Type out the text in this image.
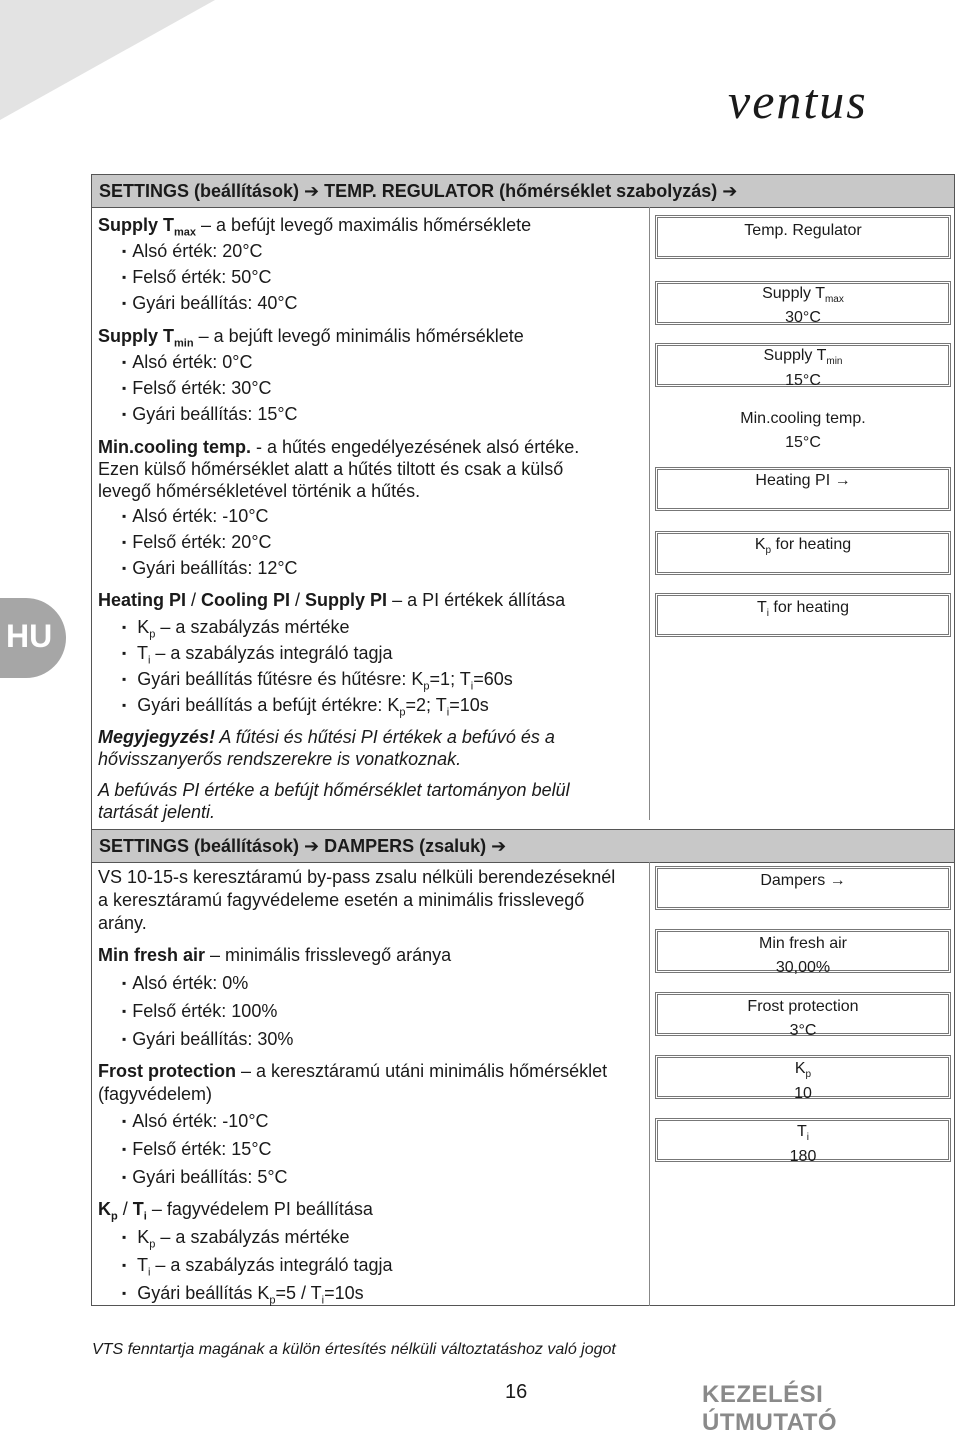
ventus
HU
SETTINGS (beállítások) ➔ TEMP. REGULATOR (hőmérséklet szabolyzás) ➔
SETTINGS (beállítások) ➔ DAMPERS (zsaluk) ➔
Supply $T_{max}$ – a befújt levegő maximális hőmérséklete
▪ Alsó érték: 20°C
▪ Felső érték: 50°C
▪ Gyári beállítás: 40°C
Supply $T_{min}$ – a bejúft levegő minimális hőmérséklete
▪ Alsó érték: 0°C
▪ Felső érték: 30°C
▪ Gyári beállítás: 15°C
Min.cooling temp. - a hűtés engedélyezésének alsó értéke.
Ezen külső hőmérséklet alatt a hűtés tiltott és csak a külső
levegő hőmérsékletével történik a hűtés.
▪ Alsó érték: -10°C
▪ Felső érték: 20°C
▪ Gyári beállítás: 12°C
Heating PI / Cooling PI / Supply PI – a PI értékek állítása
▪ $K_p$ – a szabályzás mértéke
▪ $T_i$ – a szabályzás integráló tagja
▪ Gyári beállítás fűtésre és hűtésre: $K_p=1$; $T_i=60s$
▪ Gyári beállítás a befújt értékre: $K_p=2$; $T_i=10s$
Megyjegyzés! A fűtési és hűtési PI értékek a befúvó és a
hővisszanyerős rendszerekre is vonatkoznak.
A befúvás PI értéke a befújt hőmérséklet tartományon belül
tartását jelenti.
Temp. Regulator
Supply $T_{max}$
30°C
Supply $T_{min}$
15°C
Min.cooling temp.
15°C
Heating PI →
$K_p$ for heating
$T_i$ for heating
VS 10-15-s keresztáramú by-pass zsalu nélküli berendezéseknél
a keresztáramú fagyvédeleme esetén a minimális frisslevegő
arány.
Min fresh air – minimális frisslevegő aránya
▪ Alsó érték: 0%
▪ Felső érték: 100%
▪ Gyári beállítás: 30%
Frost protection – a keresztáramú utáni minimális hőmérséklet
(fagyvédelem)
▪ Alsó érték: -10°C
▪ Felső érték: 15°C
▪ Gyári beállítás: 5°C
$K_p / T_i$ – fagyvédelem PI beállítása
▪ $K_p$ – a szabályzás mértéke
▪ $T_i$ – a szabályzás integráló tagja
▪ Gyári beállítás $K_p=5 / T_i=10s$
Dampers →
Min fresh air
30,00%
Frost protection
3°C
$K_p$
10
$T_i$
180
VTS fenntartja magának a külön értesítés nélküli változtatáshoz való jogot
16	KEZELÉSI ÚTMUTATÓ
